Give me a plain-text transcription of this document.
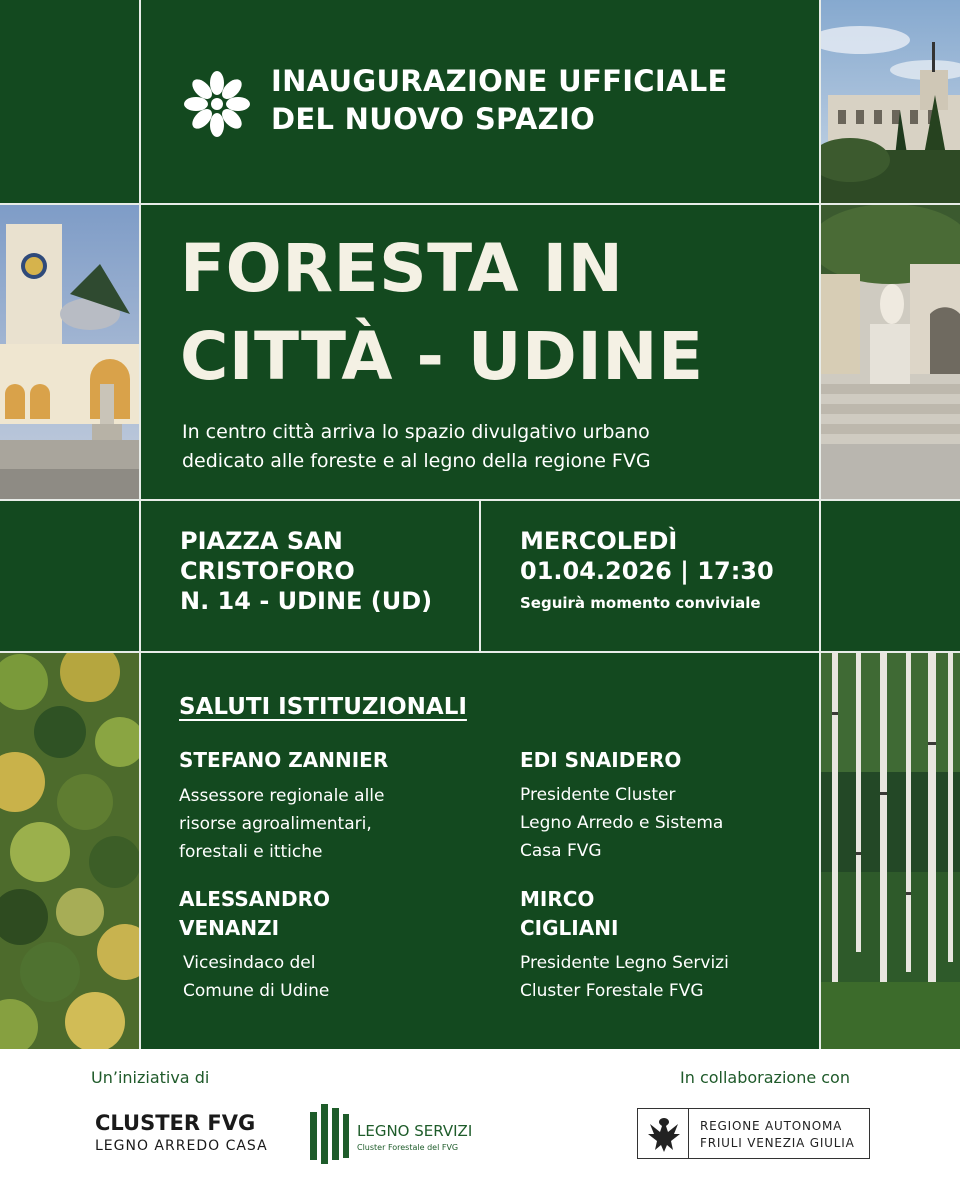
INAUGURAZIONE UFFICIALE
DEL NUOVO SPAZIO
FORESTA IN
CITTÀ - UDINE
In centro città arriva lo spazio divulgativo urbano
dedicato alle foreste e al legno della regione FVG
PIAZZA SAN
CRISTOFORO
N. 14 - UDINE (UD)
MERCOLEDÌ
01.04.2026 | 17:30
Seguirà momento conviviale
SALUTI ISTITUZIONALI
STEFANO ZANNIER
Assessore regionale alle
risorse agroalimentari,
forestali e ittiche
EDI SNAIDERO
Presidente Cluster
Legno Arredo e Sistema
Casa FVG
ALESSANDRO
VENANZI
Vicesindaco del
Comune di Udine
MIRCO
CIGLIANI
Presidente Legno Servizi
Cluster Forestale FVG
Un’iniziativa di	In collaborazione con
CLUSTER FVG
LEGNO ARREDO CASA
LEGNO SERVIZI
Cluster Forestale del FVG
REGIONE AUTONOMA
FRIULI VENEZIA GIULIA
